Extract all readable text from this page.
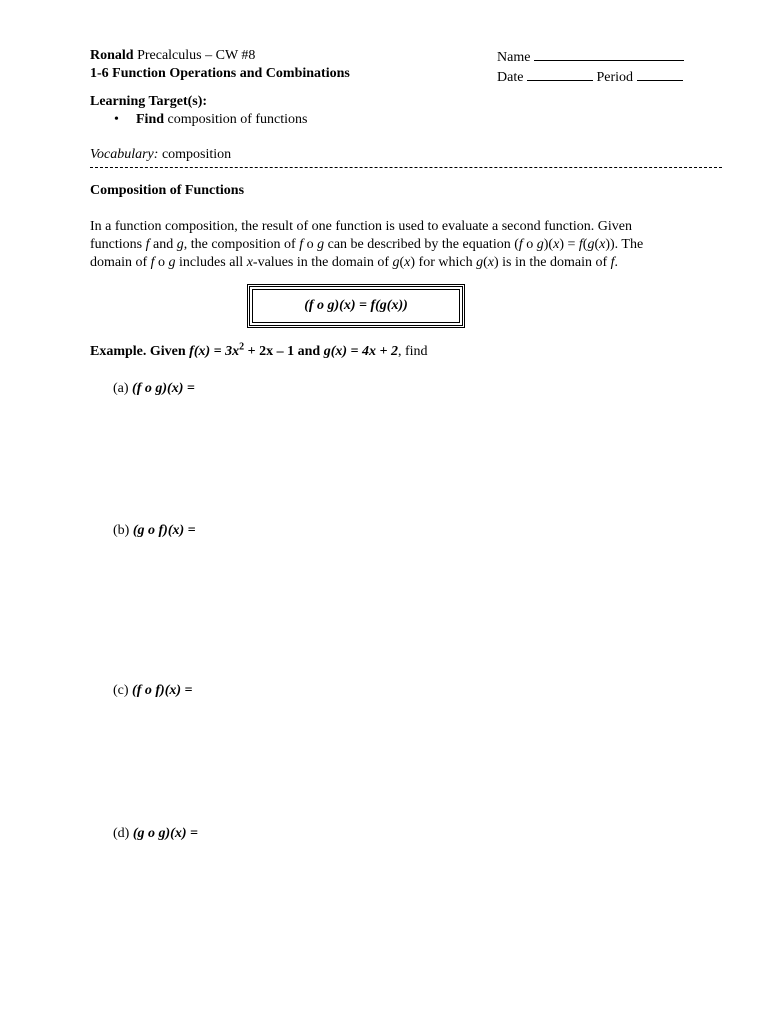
Ronald Precalculus – CW #8
1-6 Function Operations and Combinations
Name
Date	Period
Learning Target(s):
• Find composition of functions
Vocabulary: composition
Composition of Functions
In a function composition, the result of one function is used to evaluate a second function. Given
functions f and g, the composition of f o g can be described by the equation (f o g)(x) = f(g(x)). The
domain of f o g includes all x-values in the domain of g(x) for which g(x) is in the domain of f.
(f o g)(x) = f(g(x))
Example. Given $f(x) = 3x^2 + 2x - 1$ and g(x) = 4x + 2, find
(a) (f o g)(x) =
(b) (g o f)(x) =
(c) (f o f)(x) =
(d) (g o g)(x) =
